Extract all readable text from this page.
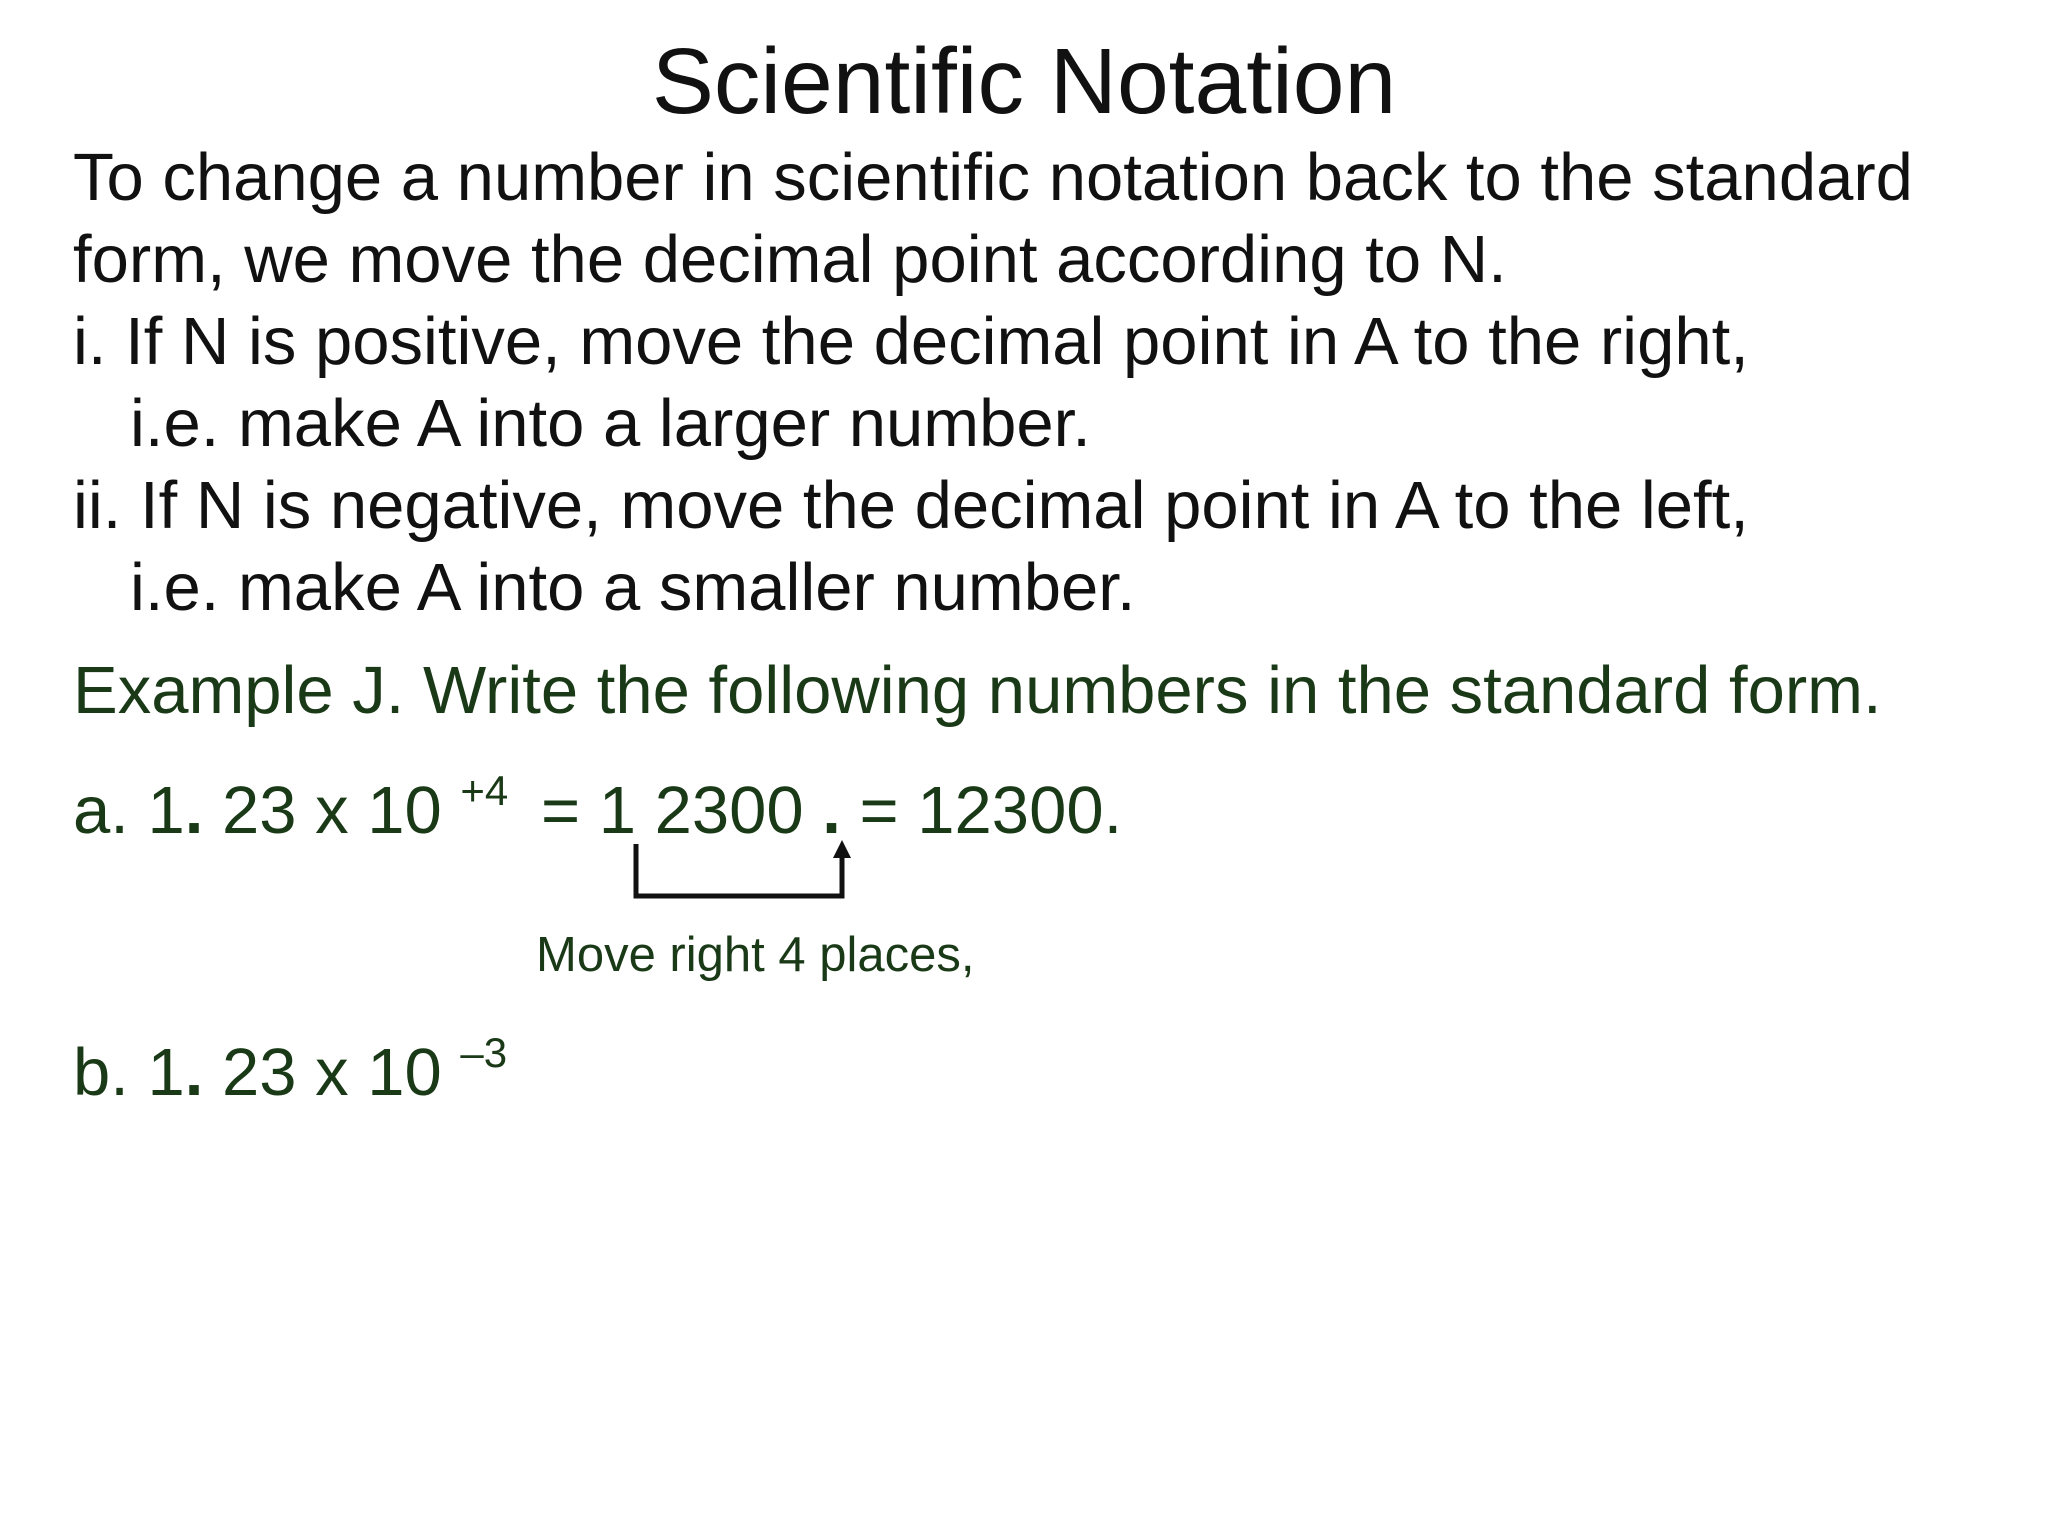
Scientific Notation
To change a number in scientific notation back to the standard
form, we move the decimal point according to N.
i. If N is positive, move the decimal point in A to the right,
i.e. make A into a larger number.
ii. If N is negative, move the decimal point in A to the left,
i.e. make A into a smaller number.
Example J. Write the following numbers in the standard form.
a. 1. 23 x 10 $^{+4}$ = 1 2300 . = 12300.
Move right 4 places,
b. 1. 23 x 10 $^{-3}$
